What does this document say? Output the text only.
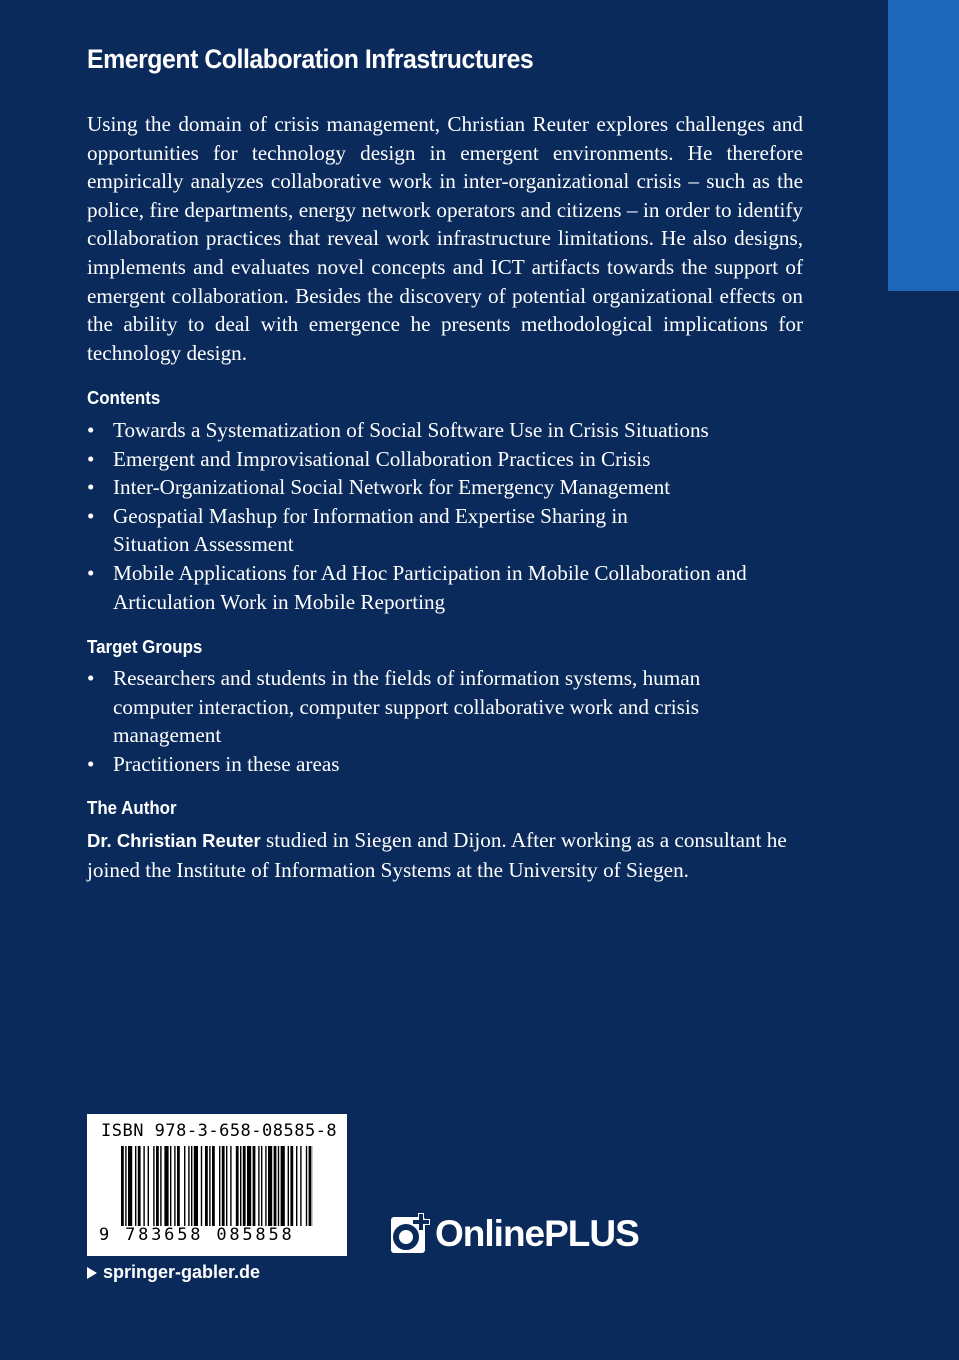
Emergent Collaboration Infrastructures

Using the domain of crisis management, Christian Reuter explores challenges and opportunities for technology design in emergent environments. He therefore empirically analyzes collaborative work in inter-organizational crisis – such as the police, fire departments, energy network operators and citizens – in order to identify collaboration practices that reveal work infrastructure limitations. He also designs, implements and evaluates novel concepts and ICT artifacts towards the support of emergent collaboration. Besides the discovery of potential organizational effects on the ability to deal with emergence he presents methodological implications for technology design.

Contents
• Towards a Systematization of Social Software Use in Crisis Situations
• Emergent and Improvisational Collaboration Practices in Crisis
• Inter-Organizational Social Network for Emergency Management
• Geospatial Mashup for Information and Expertise Sharing in Situation Assessment
• Mobile Applications for Ad Hoc Participation in Mobile Collaboration and Articulation Work in Mobile Reporting
Target Groups
• Researchers and students in the fields of information systems, human computer interaction, computer support collaborative work and crisis management
• Practitioners in these areas
The Author

Dr. Christian Reuter studied in Siegen and Dijon. After working as a consultant he joined the Institute of Information Systems at the University of Siegen.

ISBN 978-3-658-08585-8
9 783658 085858
springer-gabler.de
OnlinePLUS
